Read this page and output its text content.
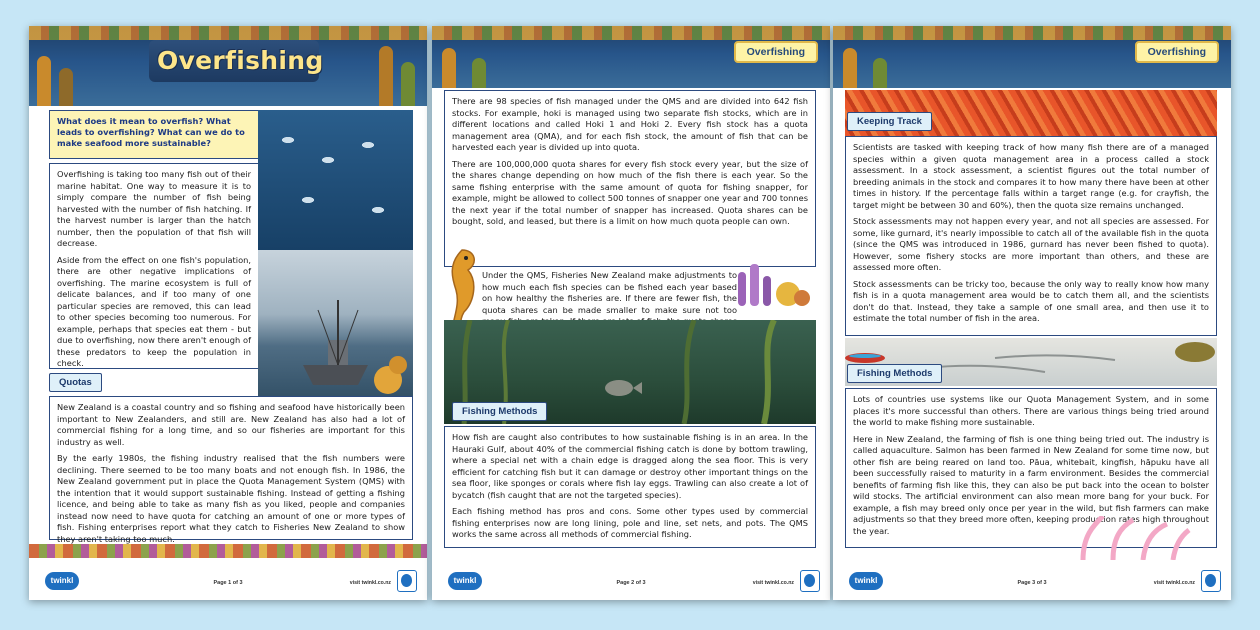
Overfishing
What does it mean to overfish? What leads to overfishing? What can we do to make seafood more sustainable?

Overfishing is taking too many fish out of their marine habitat. One way to measure it is to simply compare the number of fish being harvested with the number of fish hatching. If the harvest number is larger than the hatch number, then the population of that fish will decrease.

Aside from the effect on one fish's population, there are other negative implications of overfishing. The marine ecosystem is full of delicate balances, and if too many of one particular species are removed, this can lead to other species becoming too numerous. For example, perhaps that species eat them - but due to overfishing, now there aren't enough of these predators to keep the population in check.

Quotas

New Zealand is a coastal country and so fishing and seafood have historically been important to New Zealanders, and still are. New Zealand has also had a lot of commercial fishing for a long time, and so our fisheries are important for this industry as well.

By the early 1980s, the fishing industry realised that the fish numbers were declining. There seemed to be too many boats and not enough fish. In 1986, the New Zealand government put in place the Quota Management System (QMS) with the intention that it would support sustainable fishing. Instead of getting a fishing licence, and being able to take as many fish as you liked, people and companies instead now need to have quota for catching an amount of one or more types of fish. Fishing enterprises report what they catch to Fisheries New Zealand to show they aren't taking too much.

twinkl	Page 1 of 3	visit twinkl.co.nz
Overfishing

There are 98 species of fish managed under the QMS and are divided into 642 fish stocks. For example, hoki is managed using two separate fish stocks, which are in different locations and called Hoki 1 and Hoki 2. Every fish stock has a quota management area (QMA), and for each fish stock, the amount of fish that can be harvested each year is divided up into quota.

There are 100,000,000 quota shares for every fish stock every year, but the size of the shares change depending on how much of the fish there is each year. So the same fishing enterprise with the same amount of quota for fishing snapper, for example, might be allowed to collect 500 tonnes of snapper one year and 700 tonnes the next year if the total number of snapper has increased. Quota shares can be bought, sold, and leased, but there is a limit on how much quota people can own.

Under the QMS, Fisheries New Zealand make adjustments to how much each fish species can be fished each year based on how healthy the fisheries are. If there are fewer fish, the quota shares can be made smaller to make sure not too

Fishing Methods

How fish are caught also contributes to how sustainable fishing is in an area. In the Hauraki Gulf, about 40% of the commercial fishing catch is done by bottom trawling, where a special net with a chain edge is dragged along the sea floor. This is very efficient for catching fish but it can damage or destroy other important things on the sea floor, like sponges or corals where fish lay eggs. Trawling can also create a lot of bycatch (fish caught that are not the targeted species).

Each fishing method has pros and cons. Some other types used by commercial fishing enterprises now are long lining, pole and line, set nets, and pots. The QMS works the same across all methods of commercial fishing.

twinkl	Page 2 of 3	visit twinkl.co.nz
Overfishing
Keeping Track

Scientists are tasked with keeping track of how many fish there are of a managed species within a given quota management area in a process called a stock assessment. In a stock assessment, a scientist figures out the total number of breeding animals in the stock and compares it to how many there have been at other times in history. If the percentage falls within a target range (e.g. for crayfish, the target might be between 30 and 60%), then the quota size remains unchanged.

Stock assessments may not happen every year, and not all species are assessed. For some, like gurnard, it's nearly impossible to catch all of the available fish in the quota (since the QMS was introduced in 1986, gurnard has never been fished to quota). However, some fishery stocks are more important than others, and these are assessed more often.

Stock assessments can be tricky too, because the only way to really know how many fish is in a quota management area would be to catch them all, and the scientists don't do that. Instead, they take a sample of one small area, and then use it to estimate the total number of fish in the area.

Fishing Methods

Lots of countries use systems like our Quota Management System, and in some places it's more successful than others. There are various things being tried around the world to make fishing more sustainable.

Here in New Zealand, the farming of fish is one thing being tried out. The industry is called aquaculture. Salmon has been farmed in New Zealand for some time now, but other fish are being reared on land too. Pāua, whitebait, kingfish, hāpuku have all been successfully raised to maturity in a farm environment. Besides the commercial benefits of farming fish like this, they can also be put back into the ocean to bolster wild stocks. The artificial environment can also mean more bang for your buck. For example, a fish may breed only once per year in the wild, but fish farmers can make adjustments so that they breed more often, keeping production rates high throughout the year.

twinkl	Page 3 of 3	visit twinkl.co.nz
